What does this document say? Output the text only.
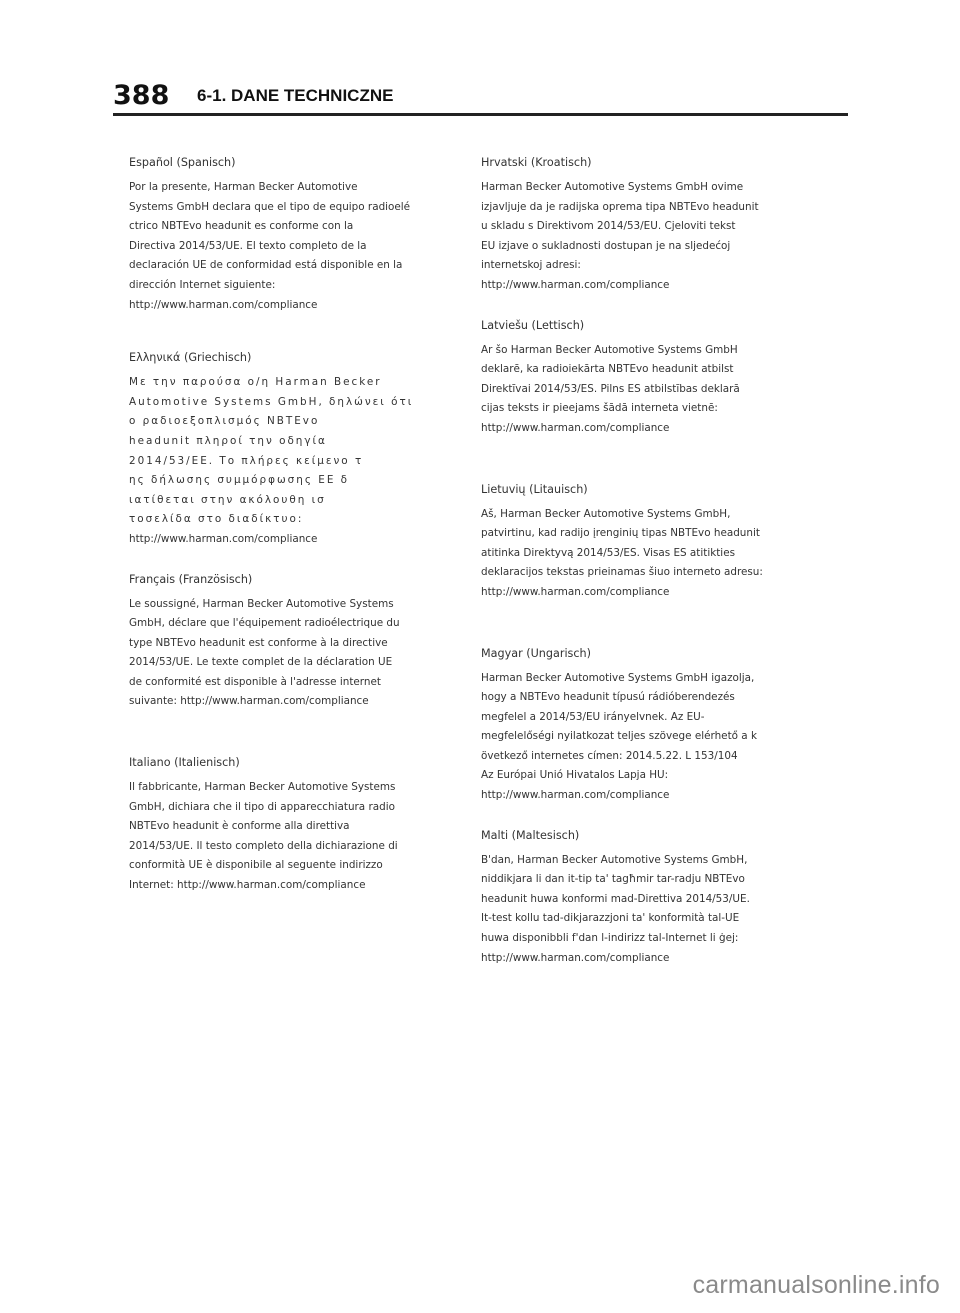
388 6-1. DANE TECHNICZNE
Español (Spanisch)
Por la presente, Harman Becker Automotive
Systems GmbH declara que el tipo de equipo radioelé
ctrico NBTEvo headunit es conforme con la
Directiva 2014/53/UE. El texto completo de la
declaración UE de conformidad está disponible en la
dirección Internet siguiente:
http://www.harman.com/compliance
Ελληνικά (Griechisch)
Με την παρούσα ο/η Harman Becker
Automotive Systems GmbH, δηλώνει ότι
ο ραδιοεξοπλισμός NBTEvo
headunit πληροί την οδηγία
2014/53/ΕΕ. Το πλήρες κείμενο τ
ης δήλωσης συμμόρφωσης ΕΕ δ
ιατίθεται στην ακόλουθη ισ
τοσελίδα στο διαδίκτυο:
http://www.harman.com/compliance
Français (Französisch)
Le soussigné, Harman Becker Automotive Systems
GmbH, déclare que l'équipement radioélectrique du
type NBTEvo headunit est conforme à la directive
2014/53/UE. Le texte complet de la déclaration UE
de conformité est disponible à l'adresse internet
suivante: http://www.harman.com/compliance
Italiano (Italienisch)
Il fabbricante, Harman Becker Automotive Systems
GmbH, dichiara che il tipo di apparecchiatura radio
NBTEvo headunit è conforme alla direttiva
2014/53/UE. Il testo completo della dichiarazione di
conformità UE è disponibile al seguente indirizzo
Internet: http://www.harman.com/compliance
Hrvatski (Kroatisch)
Harman Becker Automotive Systems GmbH ovime
izjavljuje da je radijska oprema tipa NBTEvo headunit
u skladu s Direktivom 2014/53/EU. Cjeloviti tekst
EU izjave o sukladnosti dostupan je na sljedećoj
internetskoj adresi:
http://www.harman.com/compliance
Latviešu (Lettisch)
Ar šo Harman Becker Automotive Systems GmbH
deklarē, ka radioiekārta NBTEvo headunit atbilst
Direktīvai 2014/53/ES. Pilns ES atbilstības deklarā
cijas teksts ir pieejams šādā interneta vietnē:
http://www.harman.com/compliance
Lietuvių (Litauisch)
Aš, Harman Becker Automotive Systems GmbH,
patvirtinu, kad radijo įrenginių tipas NBTEvo headunit
atitinka Direktyvą 2014/53/ES. Visas ES atitikties
deklaracijos tekstas prieinamas šiuo interneto adresu:
http://www.harman.com/compliance
Magyar (Ungarisch)
Harman Becker Automotive Systems GmbH igazolja,
hogy a NBTEvo headunit típusú rádióberendezés
megfelel a 2014/53/EU irányelvnek. Az EU-
megfelelőségi nyilatkozat teljes szövege elérhető a k
övetkező internetes címen: 2014.5.22. L 153/104
Az Európai Unió Hivatalos Lapja HU:
http://www.harman.com/compliance
Malti (Maltesisch)
B'dan, Harman Becker Automotive Systems GmbH,
niddikjara li dan it-tip ta' tagħmir tar-radju NBTEvo
headunit huwa konformi mad-Direttiva 2014/53/UE.
It-test kollu tad-dikjarazzjoni ta' konformità tal-UE
huwa disponibbli f'dan l-indirizz tal-Internet li ġej:
http://www.harman.com/compliance
carmanualsonline.info
